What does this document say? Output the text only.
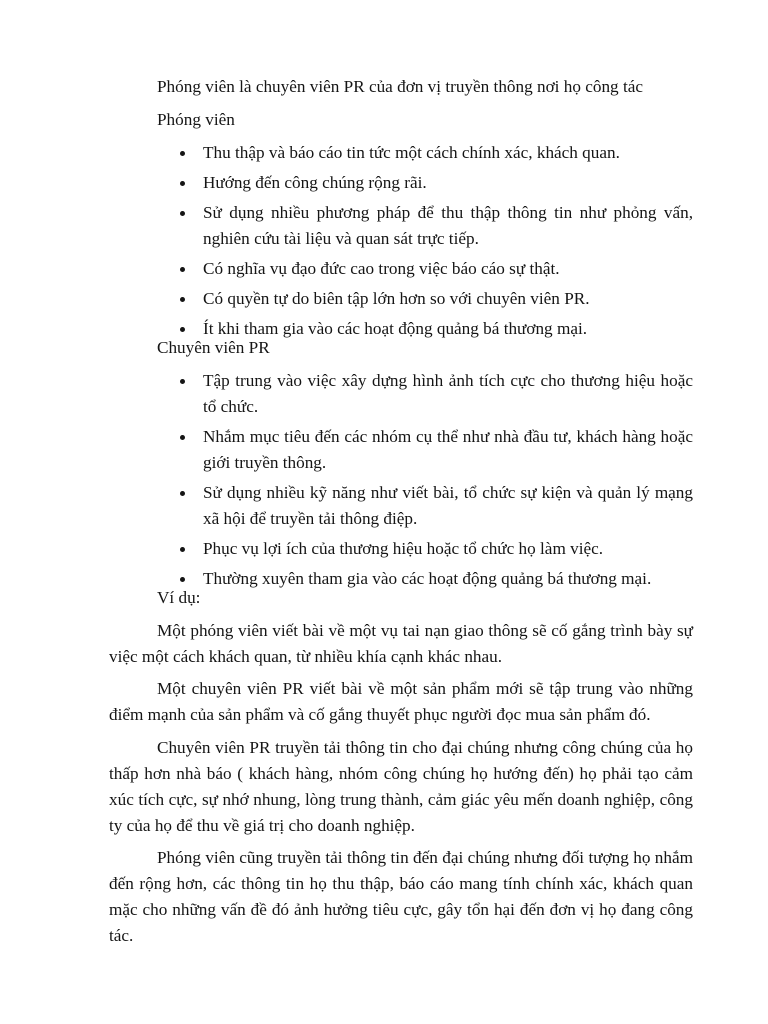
Phóng viên là chuyên viên PR của đơn vị truyền thông nơi họ công tác

Phóng viên

Thu thập và báo cáo tin tức một cách chính xác, khách quan.
Hướng đến công chúng rộng rãi.
Sử dụng nhiều phương pháp để thu thập thông tin như phỏng vấn, nghiên cứu tài liệu và quan sát trực tiếp.
Có nghĩa vụ đạo đức cao trong việc báo cáo sự thật.
Có quyền tự do biên tập lớn hơn so với chuyên viên PR.
Ít khi tham gia vào các hoạt động quảng bá thương mại.

Chuyên viên PR

Tập trung vào việc xây dựng hình ảnh tích cực cho thương hiệu hoặc tổ chức.
Nhắm mục tiêu đến các nhóm cụ thể như nhà đầu tư, khách hàng hoặc giới truyền thông.
Sử dụng nhiều kỹ năng như viết bài, tổ chức sự kiện và quản lý mạng xã hội để truyền tải thông điệp.
Phục vụ lợi ích của thương hiệu hoặc tổ chức họ làm việc.
Thường xuyên tham gia vào các hoạt động quảng bá thương mại.

Ví dụ:

Một phóng viên viết bài về một vụ tai nạn giao thông sẽ cố gắng trình bày sự việc một cách khách quan, từ nhiều khía cạnh khác nhau.

Một chuyên viên PR viết bài về một sản phẩm mới sẽ tập trung vào những điểm mạnh của sản phẩm và cố gắng thuyết phục người đọc mua sản phẩm đó.

Chuyên viên PR truyền tải thông tin cho đại chúng nhưng công chúng của họ thấp hơn nhà báo ( khách hàng, nhóm công chúng họ hướng đến) họ phải tạo cảm xúc tích cực, sự nhớ nhung, lòng trung thành, cảm giác yêu mến doanh nghiệp, công ty của họ để thu về giá trị cho doanh nghiệp.

Phóng viên cũng truyền tải thông tin đến đại chúng nhưng đối tượng họ nhắm đến rộng hơn, các thông tin họ thu thập, báo cáo mang tính chính xác, khách quan mặc cho những vấn đề đó ảnh hưởng tiêu cực, gây tổn hại đến đơn vị họ đang công tác.
